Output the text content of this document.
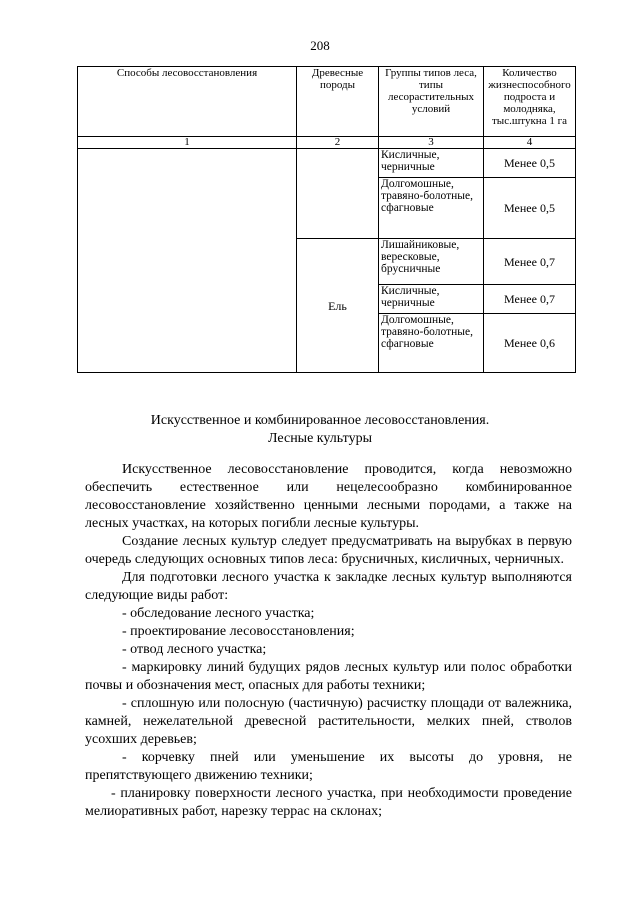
208
Способы лесовосстановления	Древесные породы	Группы типов леса, типы лесорастительных условий	Количество жизнеспособного подроста и молодняка, тыс.штукна 1 га
1	2	3	4
		Кисличные, черничные	Менее 0,5
		Долгомошные, травяно-болотные, сфагновые	Менее 0,5
	Ель	Лишайниковые, вересковые, брусничные	Менее 0,7
		Кисличные, черничные	Менее 0,7
		Долгомошные, травяно-болотные, сфагновые	Менее 0,6
Искусственное и комбинированное лесовосстановления.
Лесные культуры

Искусственное лесовосстановление проводится, когда невозможно обеспечить естественное или нецелесообразно комбинированное лесовосстановление хозяйственно ценными лесными породами, а также на лесных участках, на которых погибли лесные культуры.

Создание лесных культур следует предусматривать на вырубках в первую очередь следующих основных типов леса: брусничных, кисличных, черничных.

Для подготовки лесного участка к закладке лесных культур выполняются следующие виды работ:

- обследование лесного участка;

- проектирование лесовосстановления;

- отвод лесного участка;

- маркировку линий будущих рядов лесных культур или полос обработки почвы и обозначения мест, опасных для работы техники;

- сплошную или полосную (частичную) расчистку площади от валежника, камней, нежелательной древесной растительности, мелких пней, стволов усохших деревьев;

- корчевку пней или уменьшение их высоты до уровня, не препятствующего движению техники;

- планировку поверхности лесного участка, при необходимости проведение мелиоративных работ, нарезку террас на склонах;
